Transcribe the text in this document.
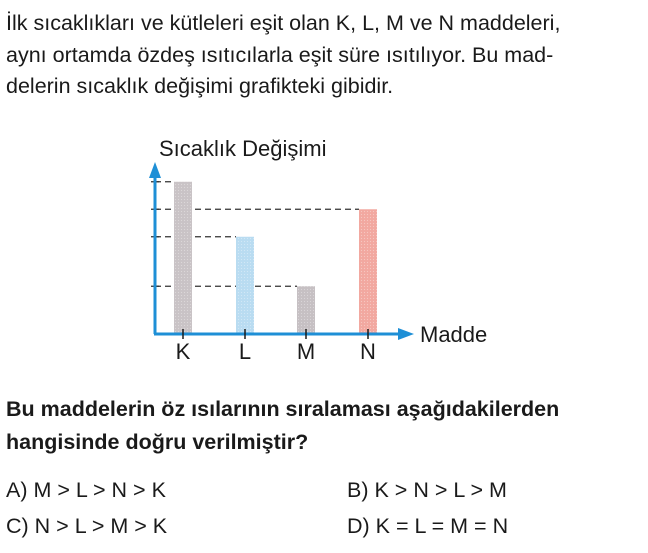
İlk sıcaklıkları ve kütleleri eşit olan K, L, M ve N maddeleri,
aynı ortamda özdeş ısıtıcılarla eşit süre ısıtılıyor. Bu mad-
delerin sıcaklık değişimi grafikteki gibidir.
Sıcaklık Değişimi
Madde
K L M N
Bu maddelerin öz ısılarının sıralaması aşağıdakilerden
hangisinde doğru verilmiştir?
A) M > L > N > K	B) K > N > L > M
C) N > L > M > K	D) K = L = M = N
